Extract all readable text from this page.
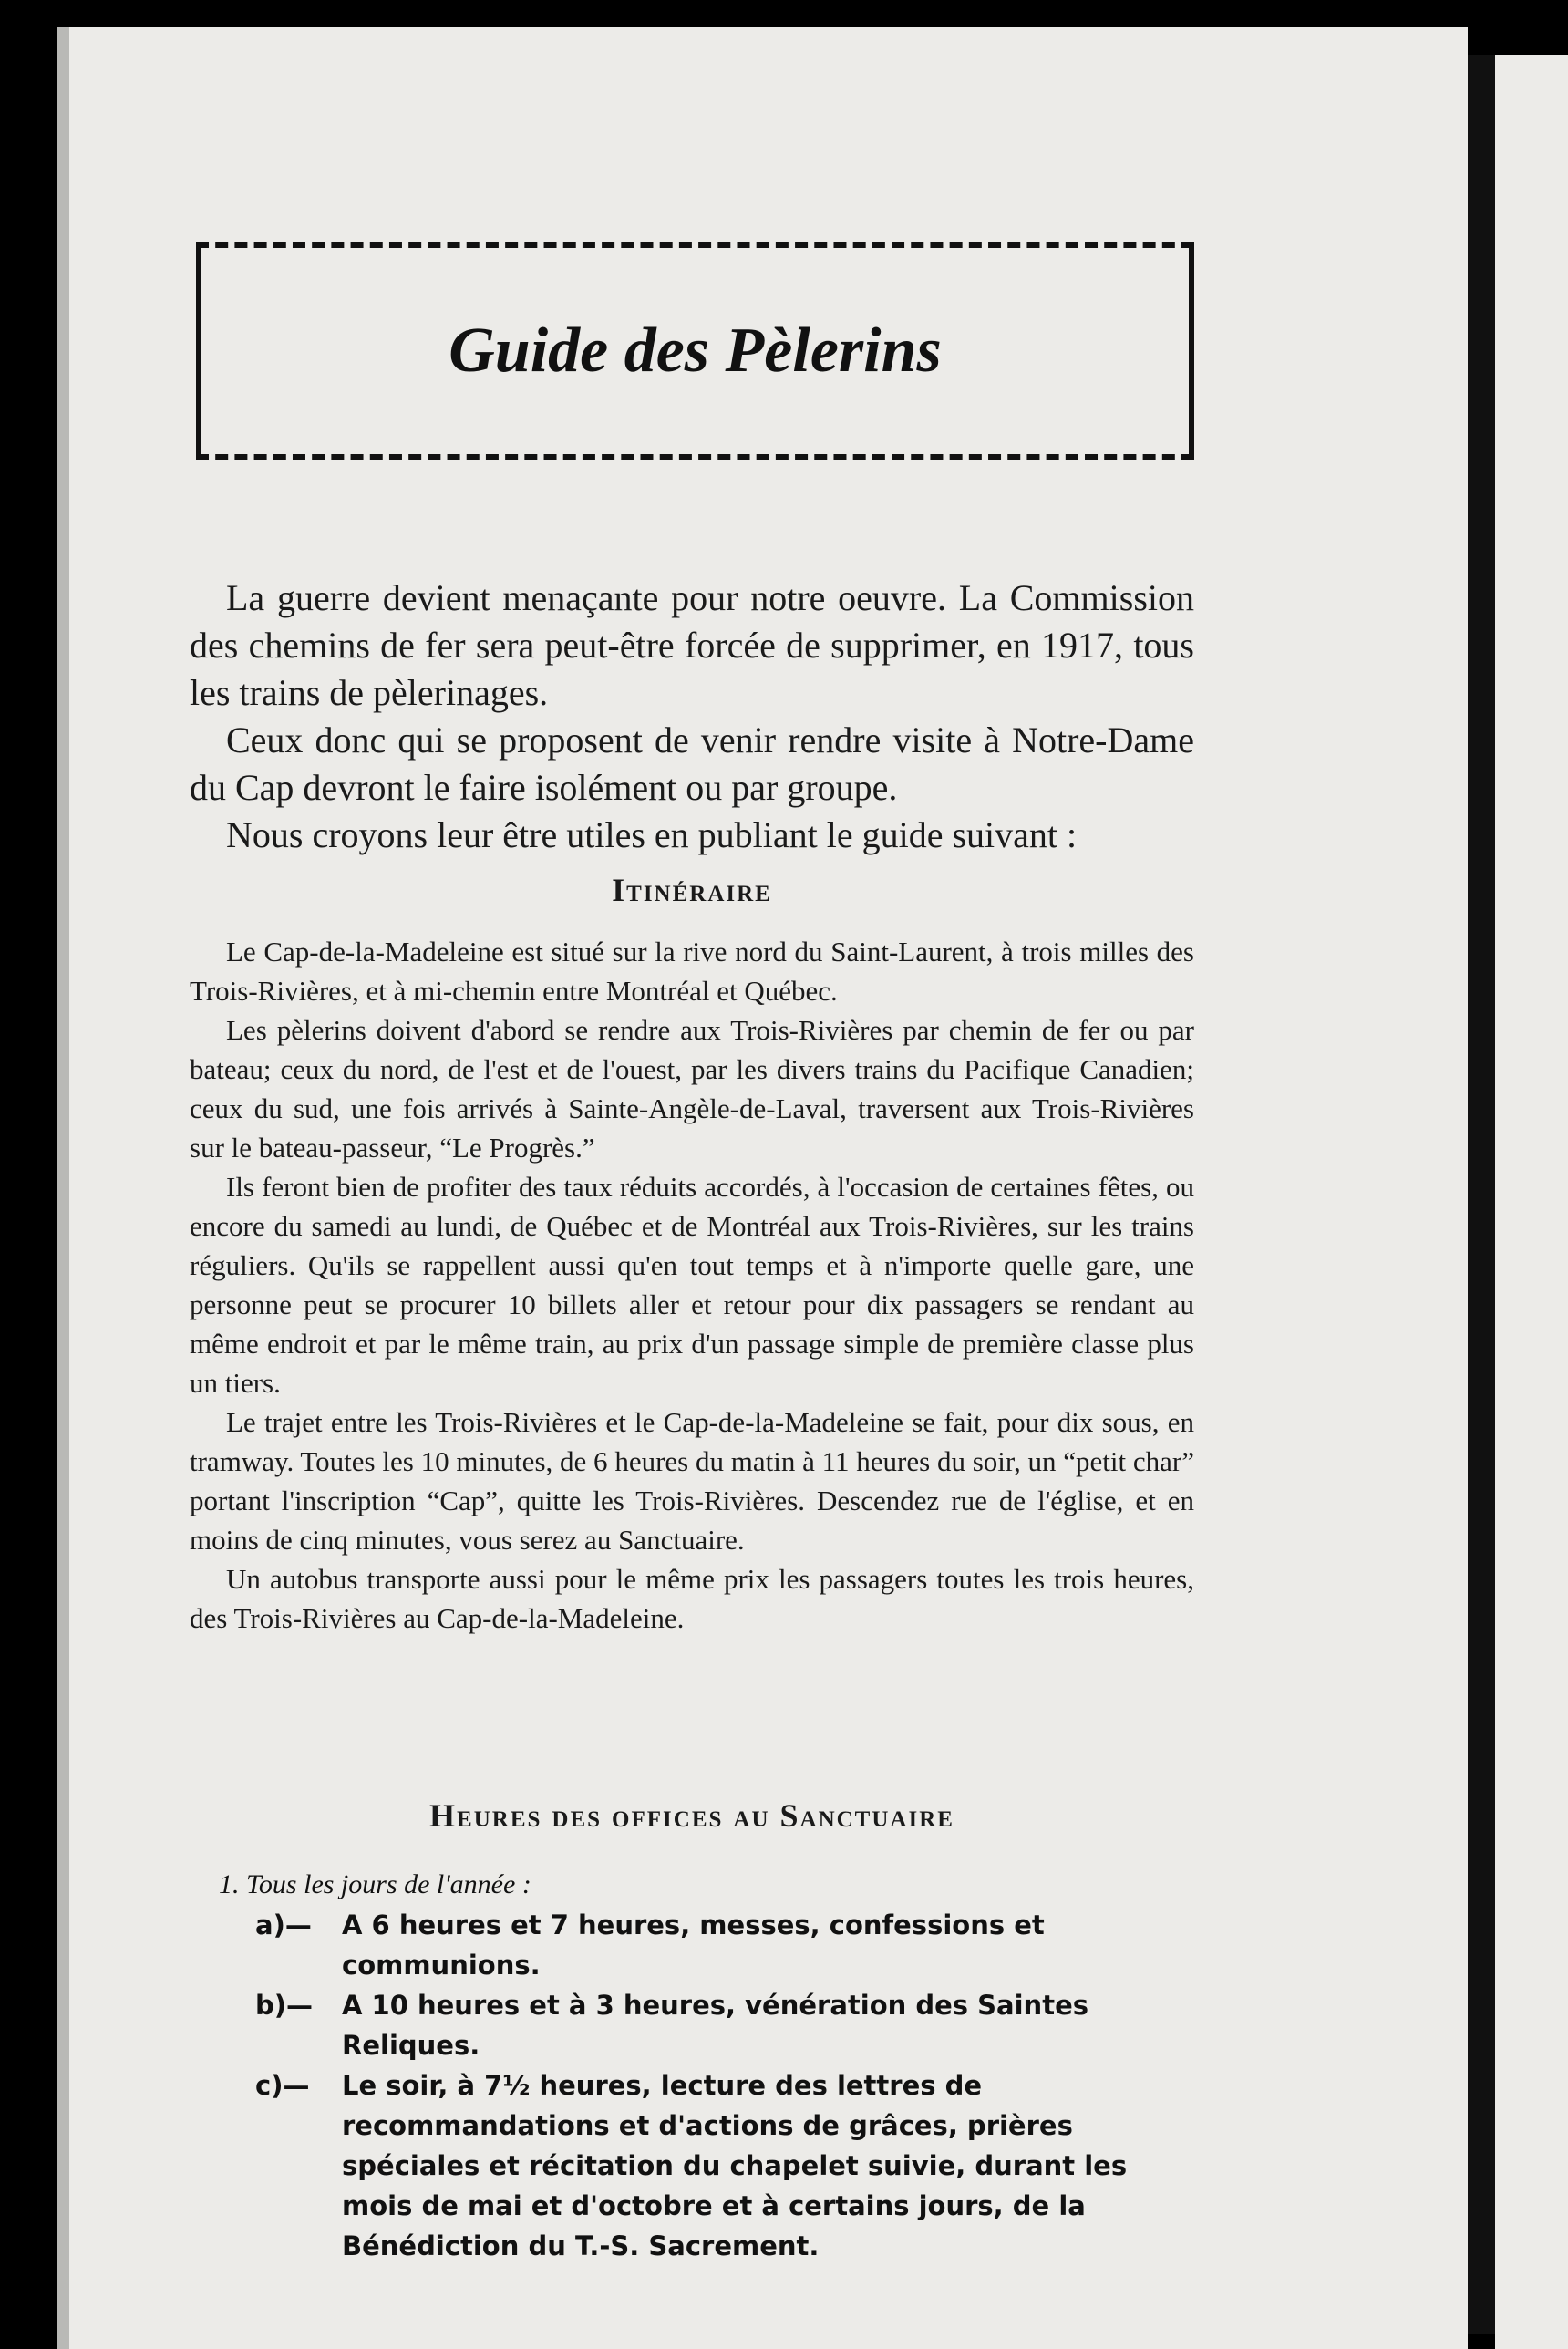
Guide des Pèlerins

La guerre devient menaçante pour notre oeuvre. La Commission des chemins de fer sera peut-être forcée de supprimer, en 1917, tous les trains de pèlerinages.

Ceux donc qui se proposent de venir rendre visite à Notre-Dame du Cap devront le faire isolément ou par groupe.

Nous croyons leur être utiles en publiant le guide suivant :

Itinéraire

Le Cap-de-la-Madeleine est situé sur la rive nord du Saint-Laurent, à trois milles des Trois-Rivières, et à mi-chemin entre Montréal et Québec.

Les pèlerins doivent d'abord se rendre aux Trois-Rivières par chemin de fer ou par bateau; ceux du nord, de l'est et de l'ouest, par les divers trains du Pacifique Canadien; ceux du sud, une fois arrivés à Sainte-Angèle-de-Laval, traversent aux Trois-Rivières sur le bateau-passeur, “Le Progrès.”

Ils feront bien de profiter des taux réduits accordés, à l'occasion de certaines fêtes, ou encore du samedi au lundi, de Québec et de Montréal aux Trois-Rivières, sur les trains réguliers. Qu'ils se rappellent aussi qu'en tout temps et à n'importe quelle gare, une personne peut se procurer 10 billets aller et retour pour dix passagers se rendant au même endroit et par le même train, au prix d'un passage simple de première classe plus un tiers.

Le trajet entre les Trois-Rivières et le Cap-de-la-Madeleine se fait, pour dix sous, en tramway. Toutes les 10 minutes, de 6 heures du matin à 11 heures du soir, un “petit char” portant l'inscription “Cap”, quitte les Trois-Rivières. Descendez rue de l'église, et en moins de cinq minutes, vous serez au Sanctuaire.

Un autobus transporte aussi pour le même prix les passagers toutes les trois heures, des Trois-Rivières au Cap-de-la-Madeleine.

Heures des offices au Sanctuaire

1. Tous les jours de l'année :

a)—	A 6 heures et 7 heures, messes, confessions et communions.
b)—	A 10 heures et à 3 heures, vénération des Saintes Reliques.
c)—	Le soir, à 7½ heures, lecture des lettres de recommandations et d'actions de grâces, prières spéciales et récitation du chapelet suivie, durant les mois de mai et d'octobre et à certains jours, de la Bénédiction du T.-S. Sacrement.
